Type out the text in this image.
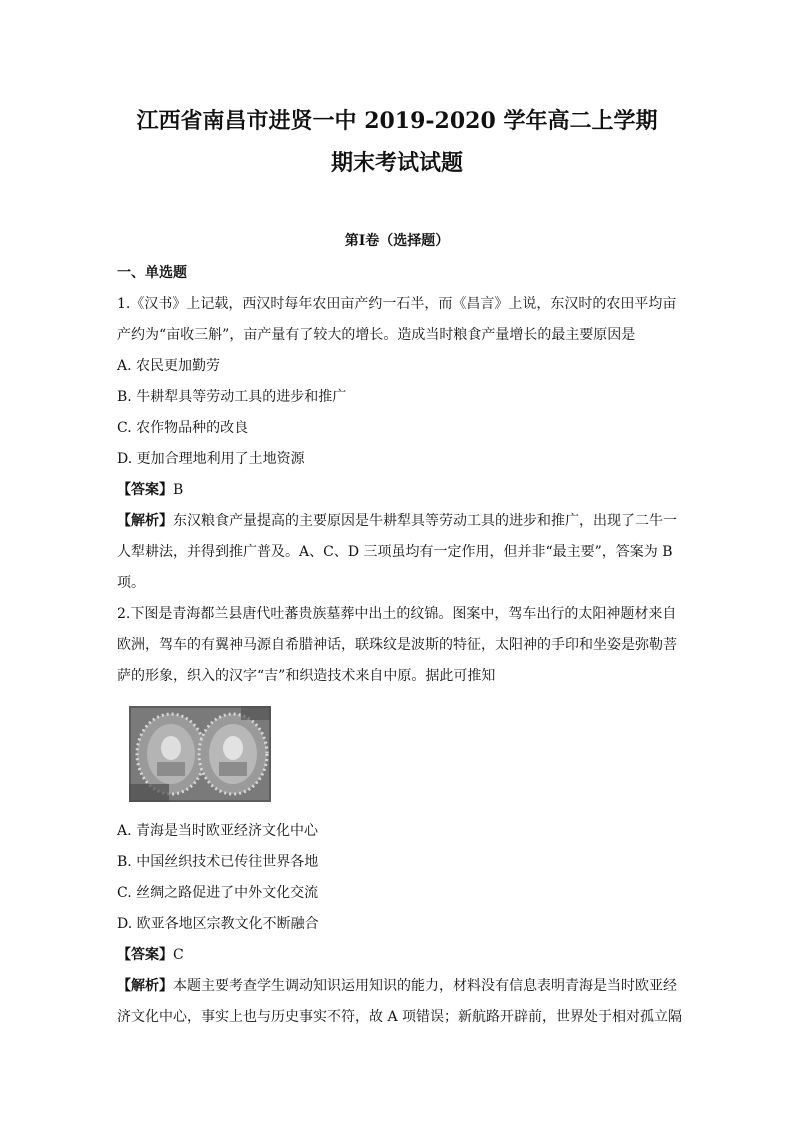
江西省南昌市进贤一中 2019-2020 学年高二上学期
期末考试试题
第Ⅰ卷（选择题）
一、单选题
1.《汉书》上记载，西汉时每年农田亩产约一石半，而《昌言》上说，东汉时的农田平均亩
产约为“亩收三斛”，亩产量有了较大的增长。造成当时粮食产量增长的最主要原因是
A. 农民更加勤劳
B. 牛耕犁具等劳动工具的进步和推广
C. 农作物品种的改良
D. 更加合理地利用了土地资源
【答案】B
【解析】东汉粮食产量提高的主要原因是牛耕犁具等劳动工具的进步和推广，出现了二牛一
人犁耕法，并得到推广普及。A、C、D 三项虽均有一定作用，但并非“最主要”，答案为 B
项。
2.下图是青海都兰县唐代吐蕃贵族墓葬中出土的纹锦。图案中，驾车出行的太阳神题材来自
欧洲，驾车的有翼神马源自希腊神话，联珠纹是波斯的特征，太阳神的手印和坐姿是弥勒菩
萨的形象，织入的汉字“吉”和织造技术来自中原。据此可推知
A. 青海是当时欧亚经济文化中心
B. 中国丝织技术已传往世界各地
C. 丝绸之路促进了中外文化交流
D. 欧亚各地区宗教文化不断融合
【答案】C
【解析】本题主要考查学生调动知识运用知识的能力，材料没有信息表明青海是当时欧亚经
济文化中心，事实上也与历史事实不符，故 A 项错误；新航路开辟前，世界处于相对孤立隔
